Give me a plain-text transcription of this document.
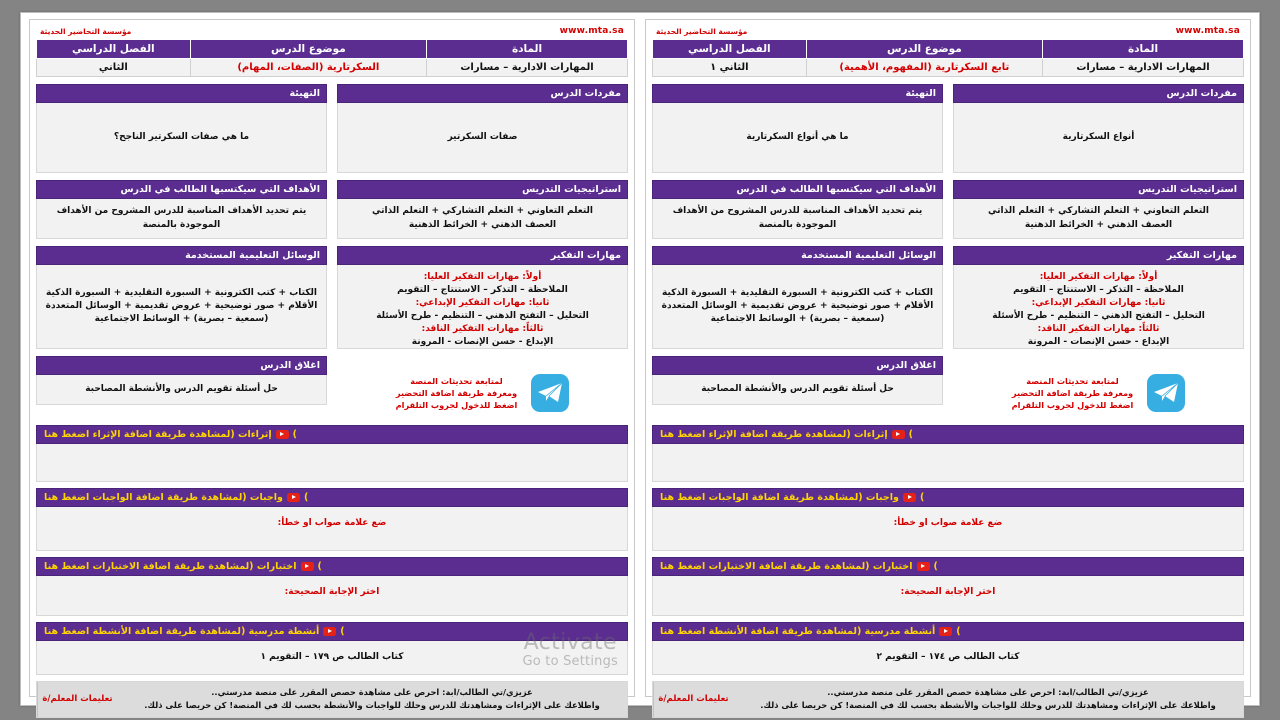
مؤسسة التحاضير الحديثة	www.mta.sa
المادة	موضوع الدرس	الفصل الدراسي
المهارات الادارية – مسارات	السكرتارية (الصفات، المهام)	الثاني
التهيئة
ما هي صفات السكرتير الناجح؟
مفردات الدرس
صفات السكرتير
الأهداف التي سيكتسبها الطالب في الدرس
يتم تحديد الأهداف المناسبة للدرس المشروح من الأهداف الموجودة بالمنصة
استراتيجيات التدريس
التعلم التعاوني + التعلم التشاركي + التعلم الذاتي
العصف الذهني + الخرائط الذهنية
الوسائل التعليمية المستخدمة
الكتاب + كتب الكترونية + السبورة التقليدية + السبورة الذكية
الأقلام + صور توضيحية + عروض تقديمية + الوسائل المتعددة
(سمعية – بصرية) + الوسائط الاجتماعية
مهارات التفكير
أولاً: مهارات التفكير العليا:
الملاحظة – التذكر – الاستنتاج – التقويم
ثانيا: مهارات التفكير الإبداعي:
التحليل – التفتح الذهني – التنظيم - طرح الأسئلة
ثالثاً: مهارات التفكير الناقد:
الإبداع - حسن الإنصات - المرونة
اغلاق الدرس
حل أسئلة تقويم الدرس والأنشطة المصاحبة
لمتابعة تحديثات المنصة
ومعرفة طريقة اضافة التحضير
اضغط للدخول لجروب التلقرام
إثراءات (لمشاهدة طريقة اضافة الإثراء اضغط هنا )
واجبات (لمشاهدة طريقة اضافة الواجبات اضغط هنا )
ضع علامة صواب او خطأ:
اختبارات (لمشاهدة طريقة اضافة الاختبارات اضغط هنا )
اختر الإجابة الصحيحة:
أنشطة مدرسية (لمشاهدة طريقة اضافة الأنشطة اضغط هنا )
كتاب الطالب ص ١٧٩ – التقويم ١
تعليمات المعلم/ة
عزيزي/تي الطالب/ابة: احرص على مشاهدة حصص المقرر على منصة مدرستي..
واطلاعك على الإثراءات ومشاهدتك للدرس وحلك للواجبات والأنشطة بحسب لك في المنصة! كن حريصا على ذلك.
Activate
Go to Settings
مؤسسة التحاضير الحديثة	www.mta.sa
المادة	موضوع الدرس	الفصل الدراسي
المهارات الادارية – مسارات	تابع السكرتارية (المفهوم، الأهمية)	الثاني ١
التهيئة
ما هي أنواع السكرتارية
مفردات الدرس
أنواع السكرتارية
الأهداف التي سيكتسبها الطالب في الدرس
يتم تحديد الأهداف المناسبة للدرس المشروح من الأهداف الموجودة بالمنصة
استراتيجيات التدريس
التعلم التعاوني + التعلم التشاركي + التعلم الذاتي
العصف الذهني + الخرائط الذهنية
الوسائل التعليمية المستخدمة
الكتاب + كتب الكترونية + السبورة التقليدية + السبورة الذكية
الأقلام + صور توضيحية + عروض تقديمية + الوسائل المتعددة
(سمعية – بصرية) + الوسائط الاجتماعية
مهارات التفكير
أولاً: مهارات التفكير العليا:
الملاحظة – التذكر – الاستنتاج – التقويم
ثانيا: مهارات التفكير الإبداعي:
التحليل – التفتح الذهني – التنظيم - طرح الأسئلة
ثالثاً: مهارات التفكير الناقد:
الإبداع - حسن الإنصات - المرونة
اغلاق الدرس
حل أسئلة تقويم الدرس والأنشطة المصاحبة
لمتابعة تحديثات المنصة
ومعرفة طريقة اضافة التحضير
اضغط للدخول لجروب التلقرام
إثراءات (لمشاهدة طريقة اضافة الإثراء اضغط هنا )
واجبات (لمشاهدة طريقة اضافة الواجبات اضغط هنا )
ضع علامة صواب او خطأ:
اختبارات (لمشاهدة طريقة اضافة الاختبارات اضغط هنا )
اختر الإجابة الصحيحة:
أنشطة مدرسية (لمشاهدة طريقة اضافة الأنشطة اضغط هنا )
كتاب الطالب ص ١٧٤ – التقويم ٢
تعليمات المعلم/ة
عزيزي/تي الطالب/ابة: احرص على مشاهدة حصص المقرر على منصة مدرستي..
واطلاعك على الإثراءات ومشاهدتك للدرس وحلك للواجبات والأنشطة بحسب لك في المنصة! كن حريصا على ذلك.
